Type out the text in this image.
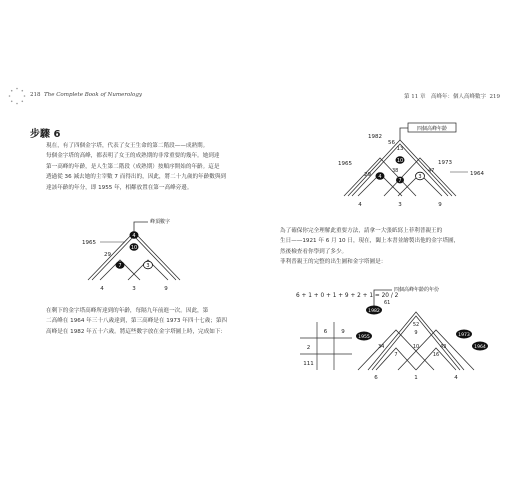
218 The Complete Book of Numerology
步驟 6
現在，有了四個金字塔，代表了女王生命的第二階段——成熟期。
每個金字塔的高峰，都表明了女王的成熟期的非常重要的幾年。她到達
第一高峰的年齡，是人生第二階段（成熟期）按順序開始的年齡。這是
透過從 36 減去她的主宰數 7 而得出的，因此，將二十九歲的年齡數與到
達該年齡的年分，即 1955 年，相鄰放置在第一高峰旁邊。
峰頂數字
1965
29
4
10
7	3
4	3	9
在剩下的金字塔高峰所達到的年齡，每隔九年前進一次。因此，第
二高峰在 1964 年三十八歲達到，第三高峰是在 1973 年四十七歲；第四
高峰是在 1982 年五十六歲。將這些數字放在金字塔圖上時，完成如下：
第 11 章　高峰年：個人高峰數字 219
四個高峰年齡
1982
56
13
1965
29 4
10
7
38	47
3
1973
1964
4	3	9
為了確保你完全理解此重要方法，請拿一大張紙寫上菲利普親王的
生日——1921 年 6 月 10 日，現在，闔上本書並繪製出他的金字塔圖，
然後檢查看你學到了多少。
菲利普親王的完整的出生圖和金字塔圖是：
6 + 1 + 0 + 1 + 9 + 2 + 1 = 20 / 2
6	9
2
111
四個高峰年齡的年份
1982
61
52
9
1955
34
7
10
1973
43
16
1964
6	1	4
